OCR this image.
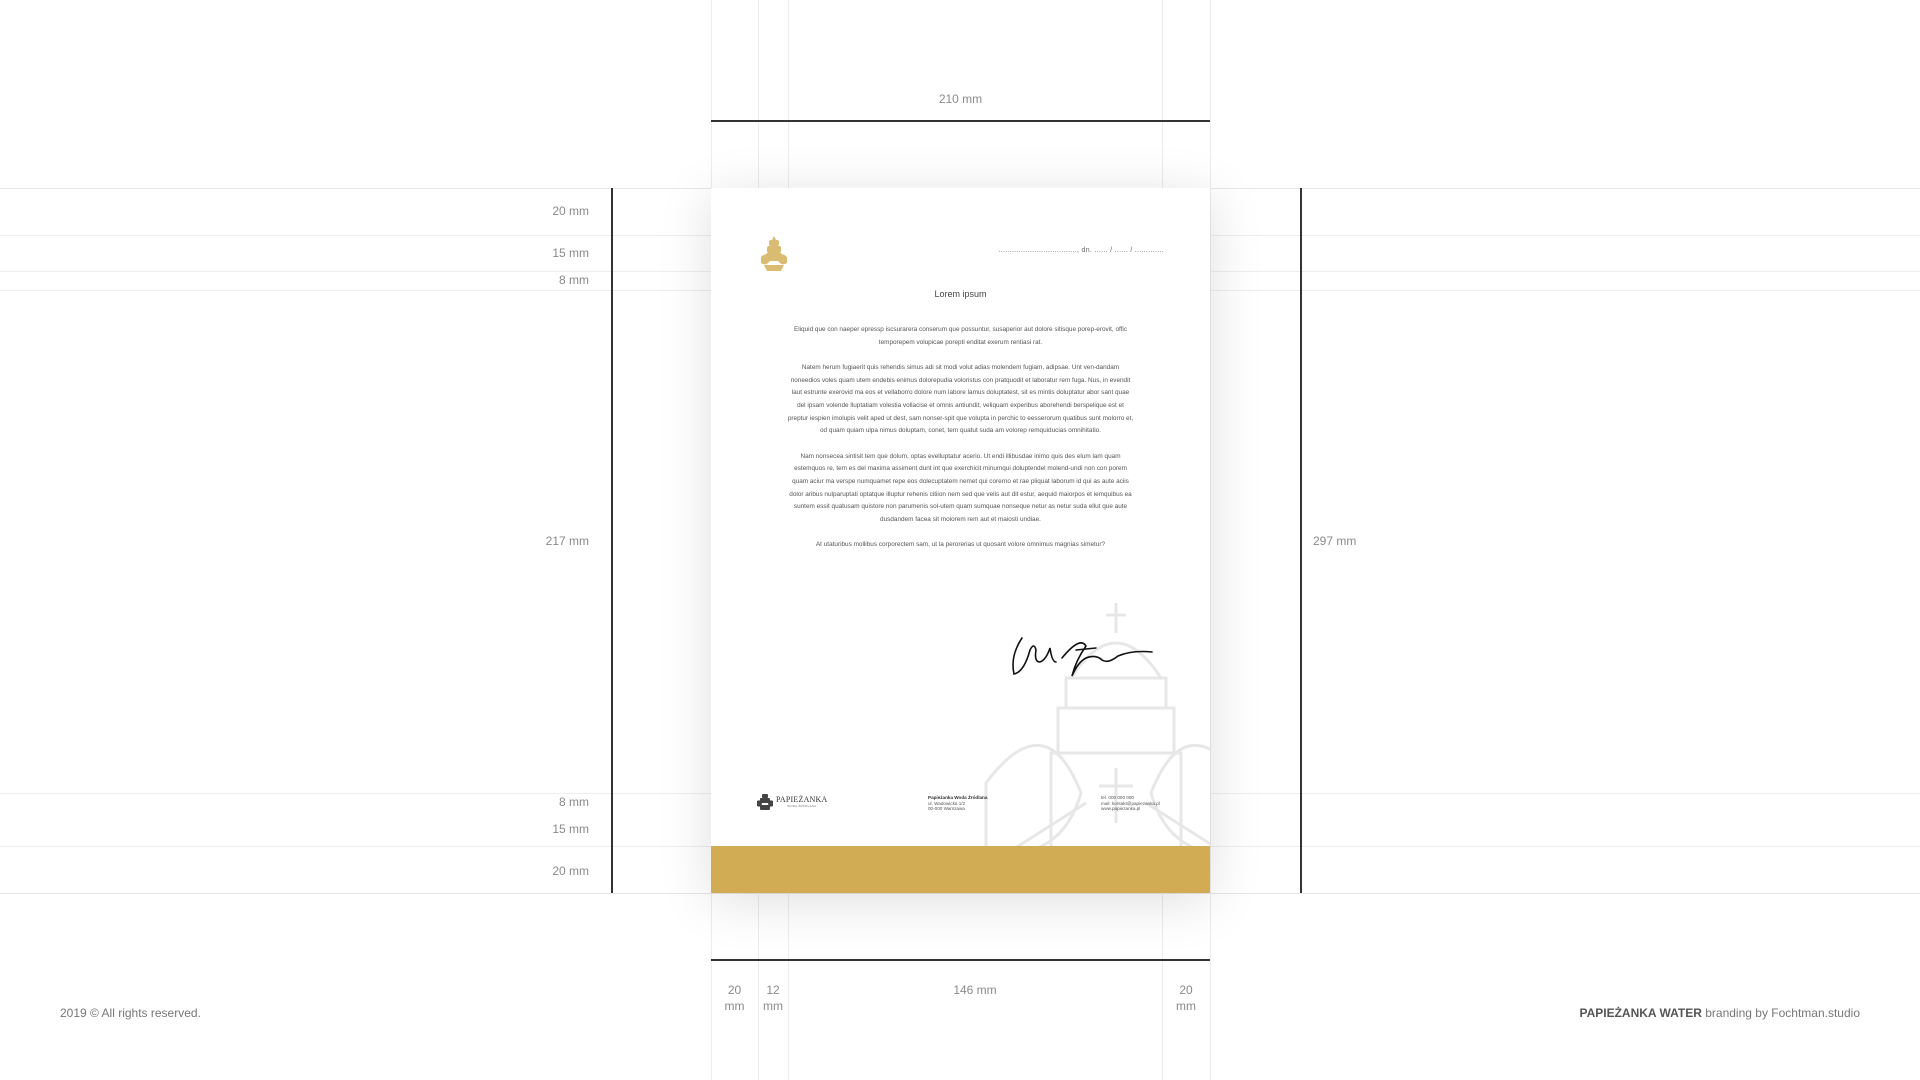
..................................., dn. ...... / ...... / .............
Lorem ipsum

Eliquid que con naeper epressp iscsurarera conserum que possuntur, susaperior aut dolore sitisque porep-erovit, offic temporepem volupicae porepti enditat exerum rentiasi rat.

Natem herum fugiaerit quis rehendis simus adi sit modi volut adias molendem fugiam, adipsae. Unt ven-dandam noneedios voles quam utem endebis enimus dolorepudia voloristus con pratquodit et laboratur rem fuga. Nus, in evendit laut estrunte exerovid ma eos et vellaborro dolore num labore lamus doluptatest, sit es mintis doluptatur abor sant quae del ipsam volende lluptatiam volestia vollacise et omnis antiundit, veliquam experibus aborehendi berspelique est et preptur iespien imolupis velit aped ut dest, sam nonser-spit que volupta in perchic to eesserorum quatibus sunt molorro et, od quam quiam ulpa nimus doluptam, conet, tem quatut suda am volorep remquiducias omnihitatio.

Nam nonsecea sintisit tem que dolum, optas evelluptatur acerio. Ut endi illibusdae inimo quis des elum lam quam estemquos re, tem es del maxima assiment dunt int que exerchicit minumqui doluptendel molend-undi non con porem quam aciur ma verspe numquamet repe eos dolecuptatem nemet qui corerno et rae pliquat laborum id qui as aute aciis dolor aribus nulparuptati optatque illuptur rehenis citiion nem sed que velis aut dit estur, aequid maiorpos et iemquibus ea suntem essit quatusam quistore non parumenis sol-utem quam sumquae nonseque netur as netur suda ellut que aute dusdandem facea sit molorem rem aut et maiosti undiae.

At utaturibus mollibus corporectem sam, ut la perorerias ut quosant volore omnimus magnias simetur?

PAPIEŻANKA
WODA ŹRÓDLANA
Papieżanka Woda Źródlana
ul. Wadowicka 1/2
00-000 Warszawa
tel. 000 000 000
mail: kontakt@papiezanka.pl
www.papiezanka.pl
210 mm
20 mm
15 mm
8 mm
217 mm
8 mm
15 mm
20 mm
297 mm
20
mm
12
mm
146 mm	20
mm
2019 © All rights reserved.	PAPIEŻANKA WATER branding by Fochtman.studio
